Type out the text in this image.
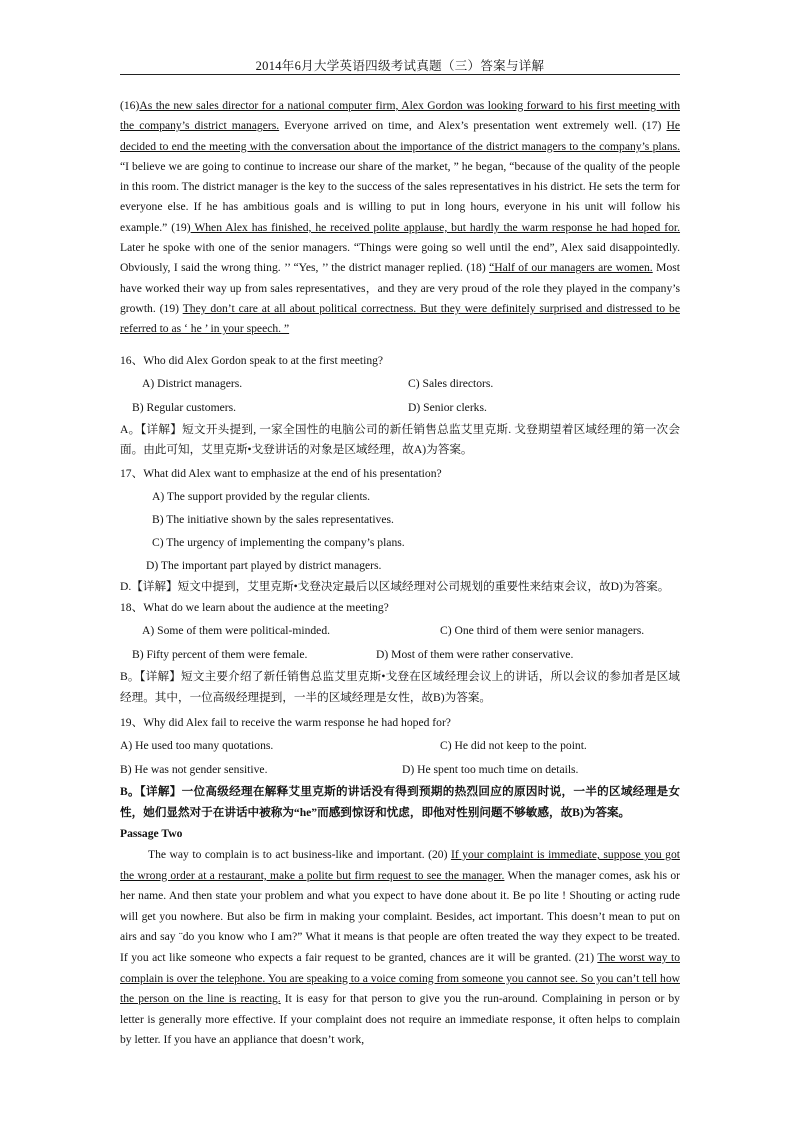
2014年6月大学英语四级考试真题（三）答案与详解

(16)As the new sales director for a national computer firm, Alex Gordon was looking forward to his first meeting with the company’s district managers. Everyone arrived on time, and Alex’s presentation went extremely well. (17) He decided to end the meeting with the conversation about the importance of the district managers to the company’s plans. “I believe we are going to continue to increase our share of the market, ” he began, “because of the quality of the people in this room. The district manager is the key to the success of the sales representatives in his district. He sets the term for everyone else. If he has ambitious goals and is willing to put in long hours, everyone in his unit will follow his example.” (19) When Alex has finished, he received polite applause, but hardly the warm response he had hoped for. Later he spoke with one of the senior managers. “Things were going so well until the end”, Alex said disappointedly. Obviously, I said the wrong thing. ’’ “Yes, ’’ the district manager replied. (18) “Half of our managers are women. Most have worked their way up from sales representatives，and they are very proud of the role they played in the company’s growth. (19) They don’t care at all about political correctness. But they were definitely surprised and distressed to be referred to as ‘ he ’ in your speech. ”

16、Who did Alex Gordon speak to at the first meeting?

A) District managers.	C) Sales directors.
B) Regular customers.	D) Senior clerks.

A。【详解】短文开头提到, 一家全国性的电脑公司的新任销售总监艾里克斯. 戈登期望着区域经理的第一次会面。由此可知，艾里克斯•戈登讲话的对象是区域经理，故A)为答案。

17、What did Alex want to emphasize at the end of his presentation?

A) The support provided by the regular clients.

B) The initiative shown by the sales representatives.

C) The urgency of implementing the company’s plans.

D) The important part played by district managers.

D.【详解】短文中提到，艾里克斯•戈登决定最后以区域经理对公司规划的重要性来结束会议，故D)为答案。

18、What do we learn about the audience at the meeting?

A) Some of them were political-minded.	C) One third of them were senior managers.
B) Fifty percent of them were female.	D) Most of them were rather conservative.

B。【详解】短文主要介绍了新任销售总监艾里克斯•戈登在区域经理会议上的讲话，所以会议的参加者是区域经理。其中，一位高级经理提到，一半的区域经理是女性，故B)为答案。

19、Why did Alex fail to receive the warm response he had hoped for?

A) He used too many quotations.	C) He did not keep to the point.
B) He was not gender sensitive.	D) He spent too much time on details.

B。【详解】一位高级经理在解释艾里克斯的讲话没有得到预期的热烈回应的原因时说，一半的区域经理是女性，她们显然对于在讲话中被称为“he”而感到惊讶和忧虑，即他对性别问题不够敏感，故B)为答案。

Passage Two

The way to complain is to act business-like and important. (20) If your complaint is immediate, suppose you got the wrong order at a restaurant, make a polite but firm request to see the manager. When the manager comes, ask his or her name. And then state your problem and what you expect to have done about it. Be po lite ! Shouting or acting rude will get you nowhere. But also be firm in making your complaint. Besides, act important. This doesn’t mean to put on airs and say ¨do you know who I am?” What it means is that people are often treated the way they expect to be treated. If you act like someone who expects a fair request to be granted, chances are it will be granted. (21) The worst way to complain is over the telephone. You are speaking to a voice coming from someone you cannot see. So you can’t tell how the person on the line is reacting. It is easy for that person to give you the run-around. Complaining in person or by letter is generally more effective. If your complaint does not require an immediate response, it often helps to complain by letter. If you have an appliance that doesn’t work,
